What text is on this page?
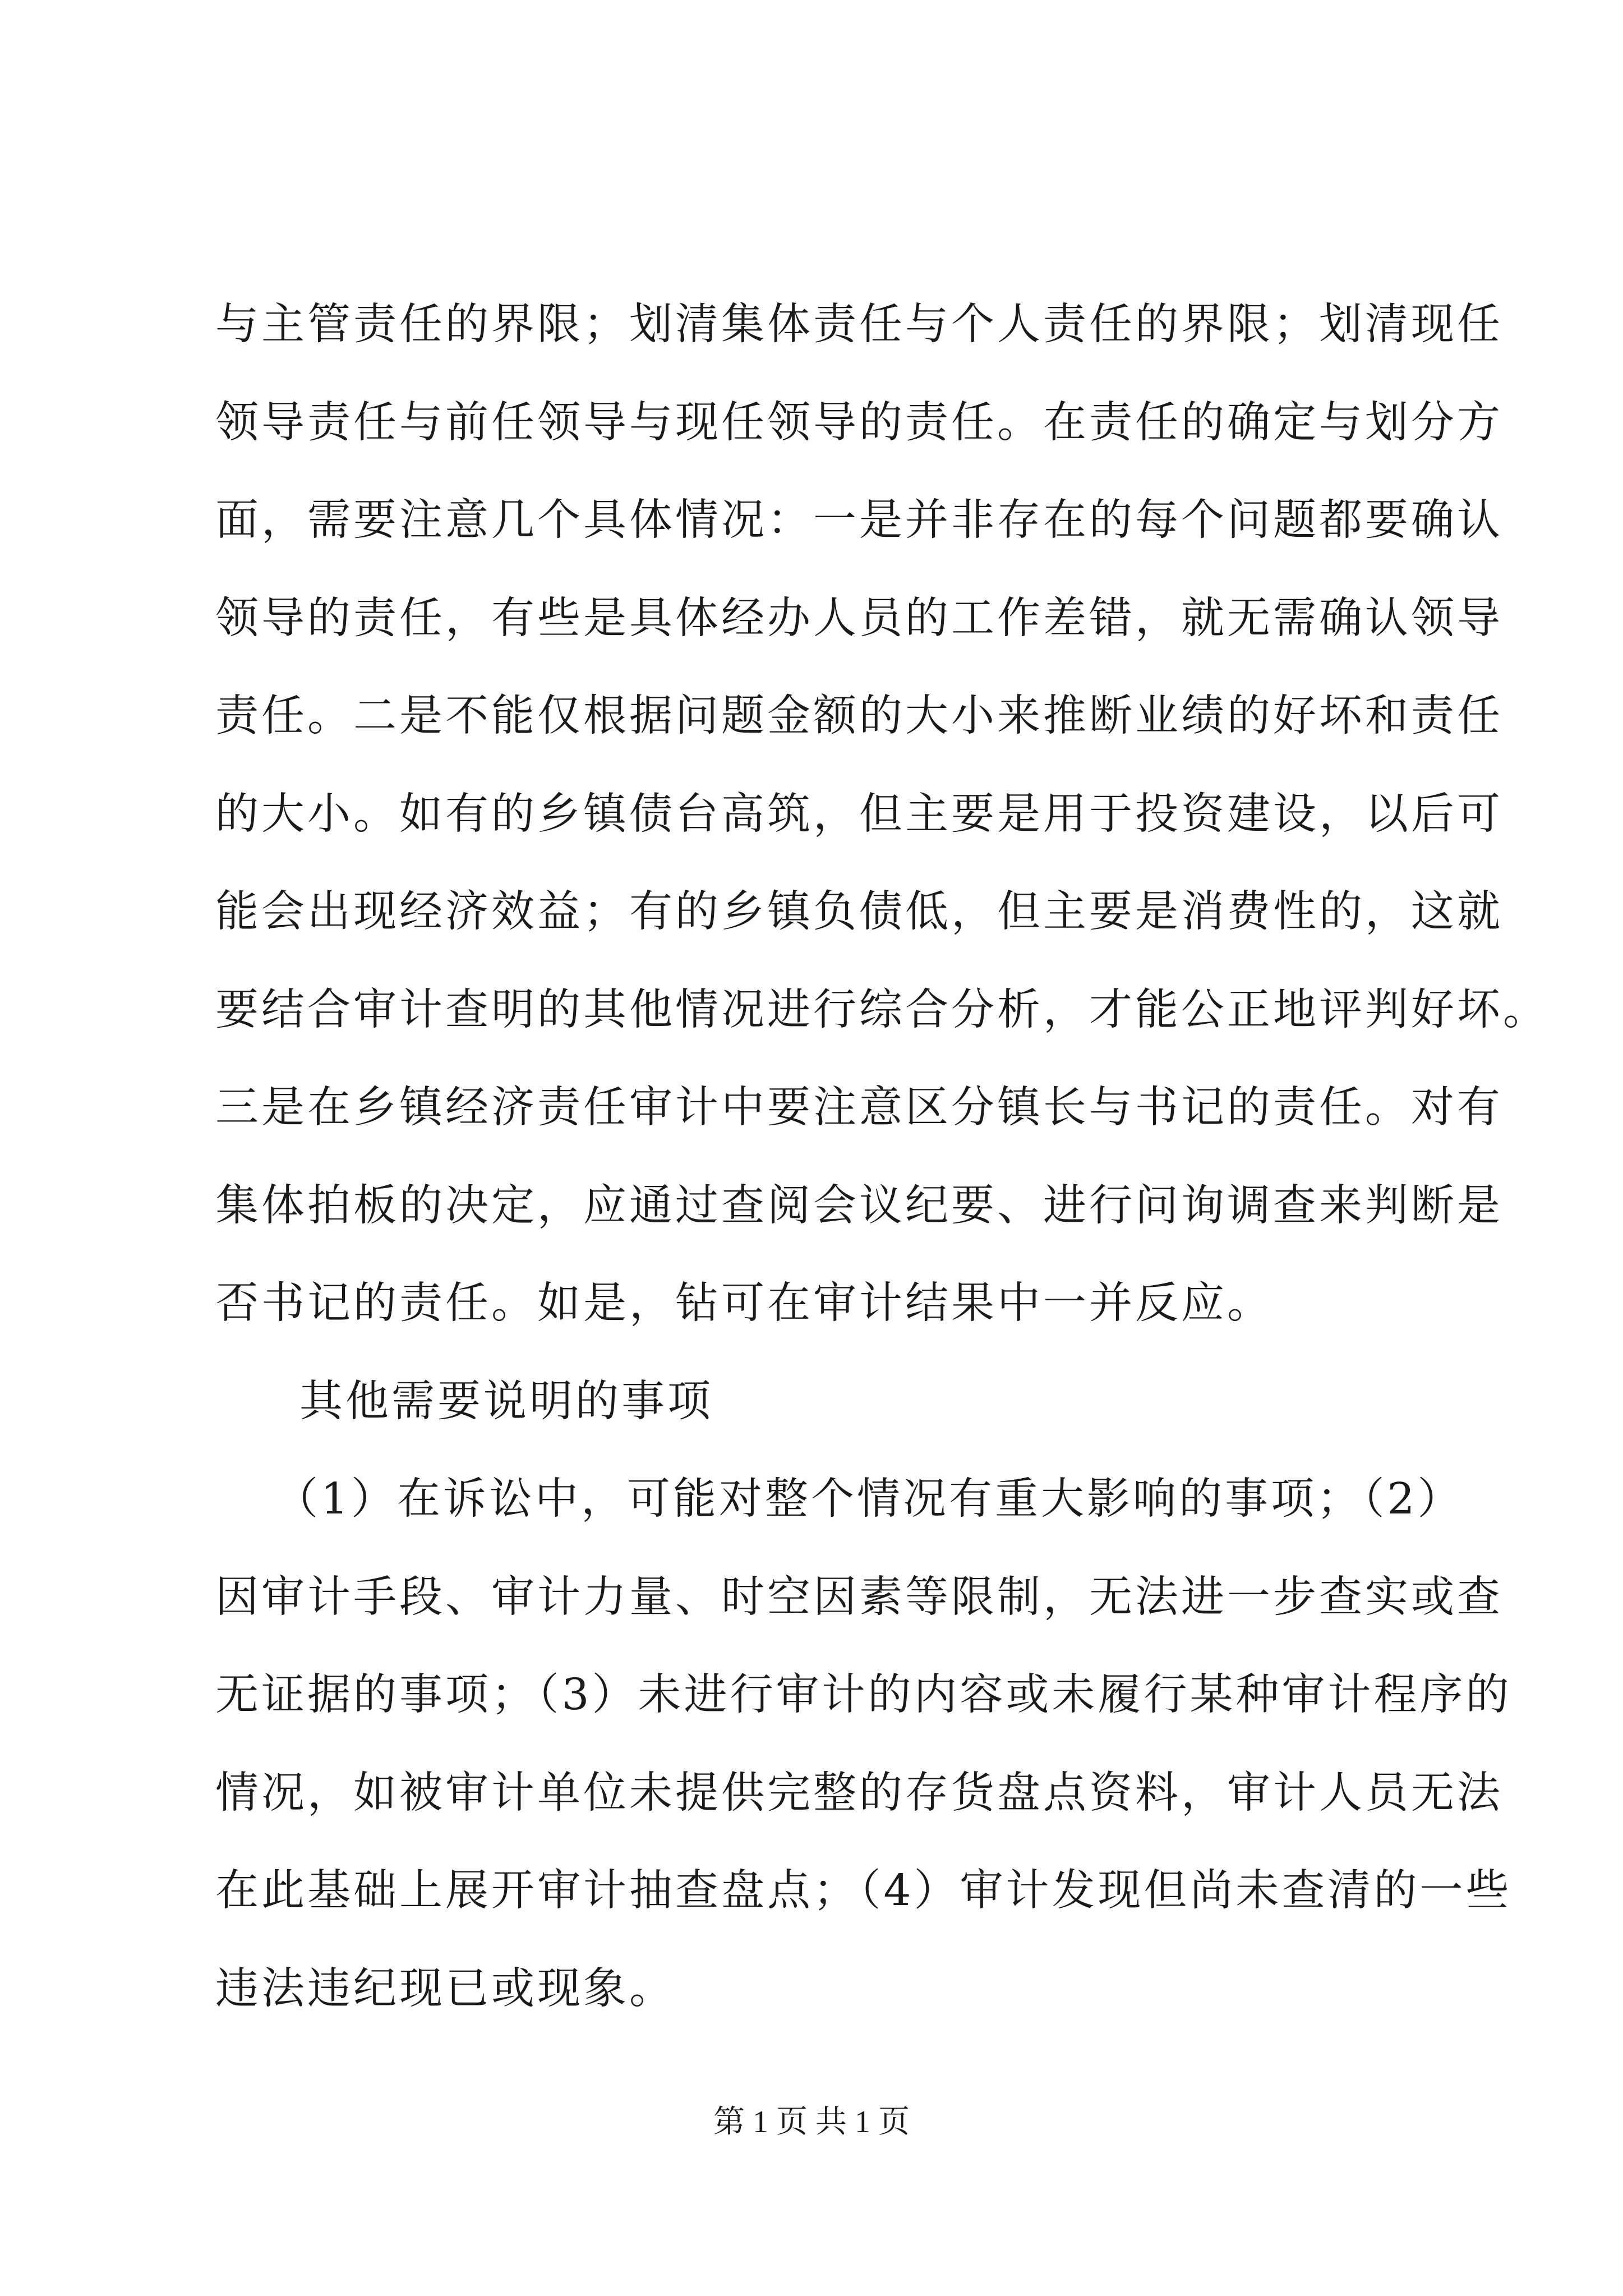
与主管责任的界限；划清集体责任与个人责任的界限；划清现任
领导责任与前任领导与现任领导的责任。在责任的确定与划分方
面，需要注意几个具体情况：一是并非存在的每个问题都要确认
领导的责任，有些是具体经办人员的工作差错，就无需确认领导
责任。二是不能仅根据问题金额的大小来推断业绩的好坏和责任
的大小。如有的乡镇债台高筑，但主要是用于投资建设，以后可
能会出现经济效益；有的乡镇负债低，但主要是消费性的，这就
要结合审计查明的其他情况进行综合分析，才能公正地评判好坏。
三是在乡镇经济责任审计中要注意区分镇长与书记的责任。对有
集体拍板的决定，应通过查阅会议纪要、进行问询调查来判断是
否书记的责任。如是，钻可在审计结果中一并反应。
其他需要说明的事项
（1）在诉讼中，可能对整个情况有重大影响的事项；（2）
因审计手段、审计力量、时空因素等限制，无法进一步查实或查
无证据的事项；（3）未进行审计的内容或未履行某种审计程序的
情况，如被审计单位未提供完整的存货盘点资料，审计人员无法
在此基础上展开审计抽查盘点；（4）审计发现但尚未查清的一些
违法违纪现已或现象。
第 1 页 共 1 页
